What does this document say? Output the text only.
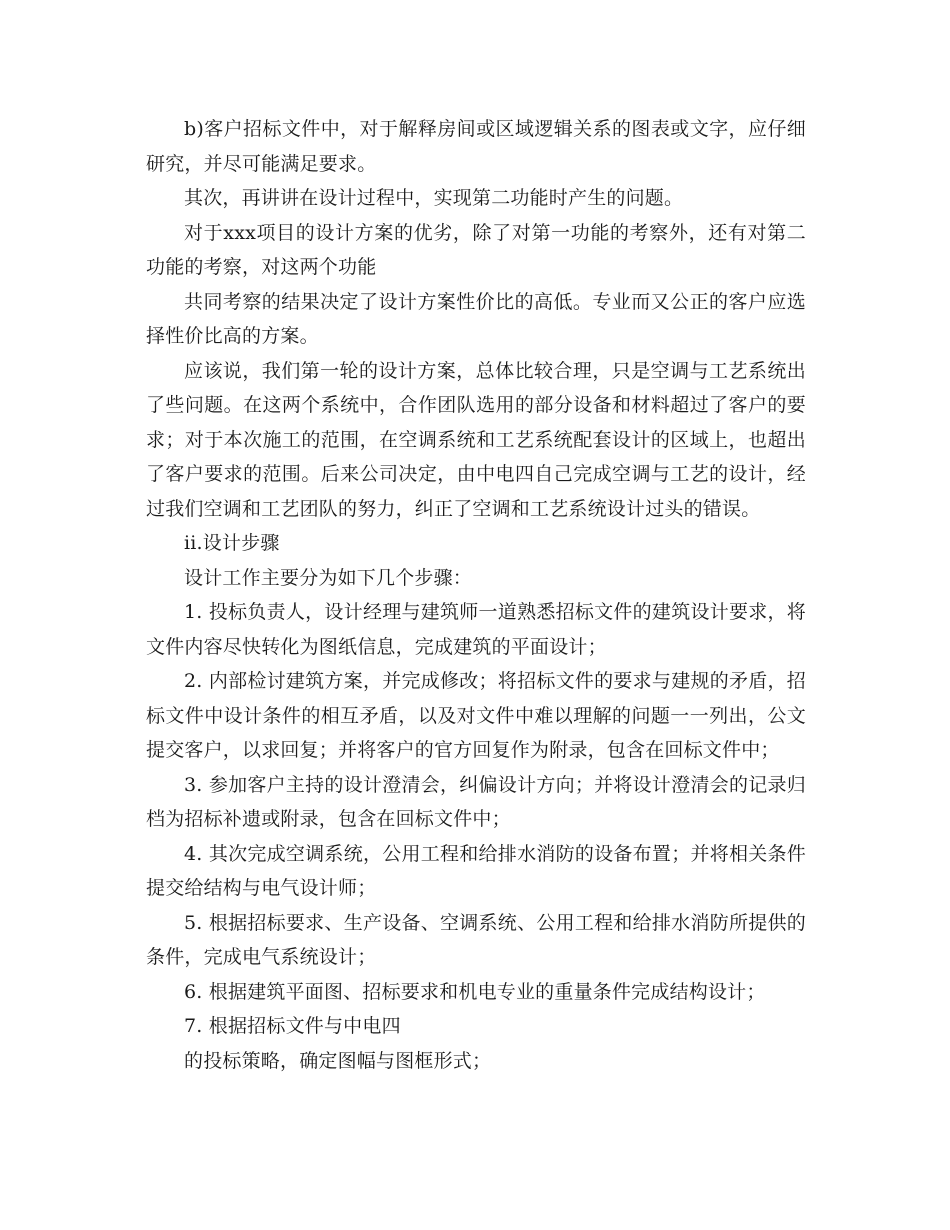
b)客户招标文件中，对于解释房间或区域逻辑关系的图表或文字，应仔细研究，并尽可能满足要求。

其次，再讲讲在设计过程中，实现第二功能时产生的问题。

对于xxx项目的设计方案的优劣，除了对第一功能的考察外，还有对第二功能的考察，对这两个功能

共同考察的结果决定了设计方案性价比的高低。专业而又公正的客户应选择性价比高的方案。

应该说，我们第一轮的设计方案，总体比较合理，只是空调与工艺系统出了些问题。在这两个系统中，合作团队选用的部分设备和材料超过了客户的要求；对于本次施工的范围，在空调系统和工艺系统配套设计的区域上，也超出了客户要求的范围。后来公司决定，由中电四自己完成空调与工艺的设计，经过我们空调和工艺团队的努力，纠正了空调和工艺系统设计过头的错误。

ii.设计步骤

设计工作主要分为如下几个步骤：

1. 投标负责人，设计经理与建筑师一道熟悉招标文件的建筑设计要求，将文件内容尽快转化为图纸信息，完成建筑的平面设计；

2. 内部检讨建筑方案，并完成修改；将招标文件的要求与建规的矛盾，招标文件中设计条件的相互矛盾，以及对文件中难以理解的问题一一列出，公文提交客户，以求回复；并将客户的官方回复作为附录，包含在回标文件中；

3. 参加客户主持的设计澄清会，纠偏设计方向；并将设计澄清会的记录归档为招标补遗或附录，包含在回标文件中；

4. 其次完成空调系统，公用工程和给排水消防的设备布置；并将相关条件提交给结构与电气设计师；

5. 根据招标要求、生产设备、空调系统、公用工程和给排水消防所提供的条件，完成电气系统设计；

6. 根据建筑平面图、招标要求和机电专业的重量条件完成结构设计；

7. 根据招标文件与中电四

的投标策略，确定图幅与图框形式；
